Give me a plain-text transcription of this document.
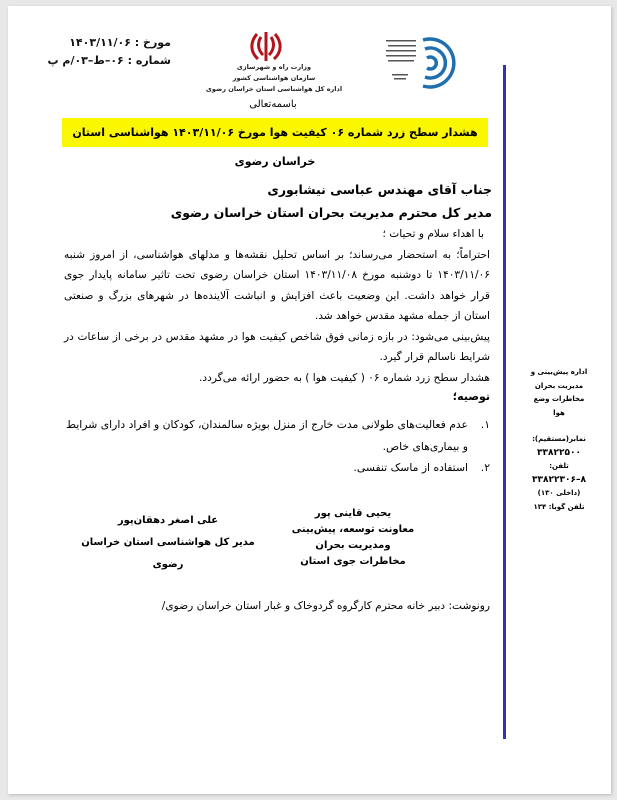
مورخ : ۱۴۰۳/۱۱/۰۶
شماره : ۰۶–ط–۰۳/م پ	وزارت راه و شهرسازی
سازمان هواشناسی کشور
اداره کل هواشناسی استان خراسان رضوی
باسمه‌تعالی
هشدار سطح زرد شماره ۰۶ کیفیت هوا مورخ ۱۴۰۳/۱۱/۰۶ هواشناسی استان خراسان رضوی
جناب آقای مهندس عباسی نیشابوری
مدیر کل محترم مدیریت بحران استان خراسان رضوی

با اهداء سلام و تحیات ؛

احتراماً؛ به استحضار می‌رساند؛ بر اساس تحلیل نقشه‌ها و مدلهای هواشناسی، از امروز شنبه ۱۴۰۳/۱۱/۰۶ تا دوشنبه مورخ ۱۴۰۳/۱۱/۰۸ استان خراسان رضوی تحت تاثیر سامانه پایدار جوی قرار خواهد داشت. این وضعیت باعث افزایش و انباشت آلاینده‌ها در شهرهای بزرگ و صنعتی استان از جمله مشهد مقدس خواهد شد.

پیش‌بینی می‌شود: در بازه زمانی فوق شاخص کیفیت هوا در مشهد مقدس در برخی از ساعات در شرایط ناسالم قرار گیرد.

هشدار سطح زرد شماره ۰۶ ( کیفیت هوا ) به حضور ارائه می‌گردد.

توصیه؛
۱.
عدم فعالیت‌های طولانی مدت خارج از منزل بویژه سالمندان، کودکان و افراد دارای شرایط و بیماری‌های خاص.
۲.
استفاده از ماسک تنفسی.
علی اصغر دهقان‌پور
مدیر کل هواشناسی استان خراسان رضوی
یحیی قاینی پور
معاونت توسعه، پیش‌بینی ومدیریت بحران
مخاطرات جوی استان
رونوشت: دبیر خانه محترم کارگروه گردوخاک و غبار استان خراسان رضوی/
اداره پیش‌بینی و
مدیریت بحران
مخاطرات وضع
هوا
نمابر(مستقیم):
۳۳۸۲۲۵۰۰
تلفن:
۸–۳۳۸۲۲۳۰۶
(داخلی ۱۳۰)
تلفن گویا: ۱۳۴
